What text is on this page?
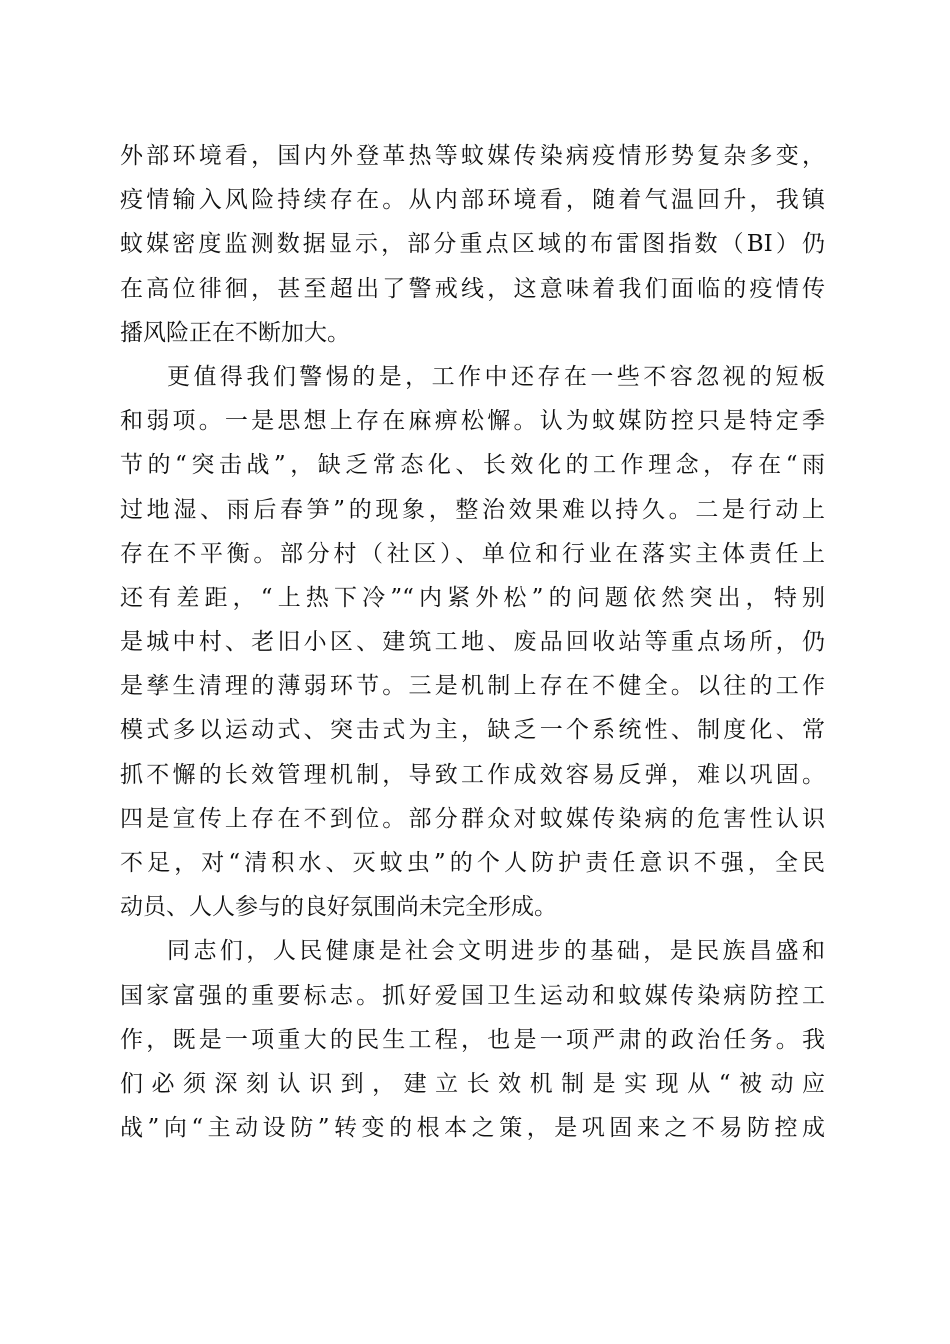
外部环境看，国内外登革热等蚊媒传染病疫情形势复杂多变，
疫情输入风险持续存在。从内部环境看，随着气温回升，我镇
蚊媒密度监测数据显示，部分重点区域的布雷图指数（BI）仍
在高位徘徊，甚至超出了警戒线，这意味着我们面临的疫情传
播风险正在不断加大。
更值得我们警惕的是，工作中还存在一些不容忽视的短板
和弱项。一是思想上存在麻痹松懈。认为蚊媒防控只是特定季
节的“突击战”，缺乏常态化、长效化的工作理念，存在“雨
过地湿、雨后春笋”的现象，整治效果难以持久。二是行动上
存在不平衡。部分村（社区）、单位和行业在落实主体责任上
还有差距，“上热下冷”“内紧外松”的问题依然突出，特别
是城中村、老旧小区、建筑工地、废品回收站等重点场所，仍
是孳生清理的薄弱环节。三是机制上存在不健全。以往的工作
模式多以运动式、突击式为主，缺乏一个系统性、制度化、常
抓不懈的长效管理机制，导致工作成效容易反弹，难以巩固。
四是宣传上存在不到位。部分群众对蚊媒传染病的危害性认识
不足，对“清积水、灭蚊虫”的个人防护责任意识不强，全民
动员、人人参与的良好氛围尚未完全形成。
同志们，人民健康是社会文明进步的基础，是民族昌盛和
国家富强的重要标志。抓好爱国卫生运动和蚊媒传染病防控工
作，既是一项重大的民生工程，也是一项严肃的政治任务。我
们必须深刻认识到，建立长效机制是实现从“被动应
战”向“主动设防”转变的根本之策，是巩固来之不易防控成
